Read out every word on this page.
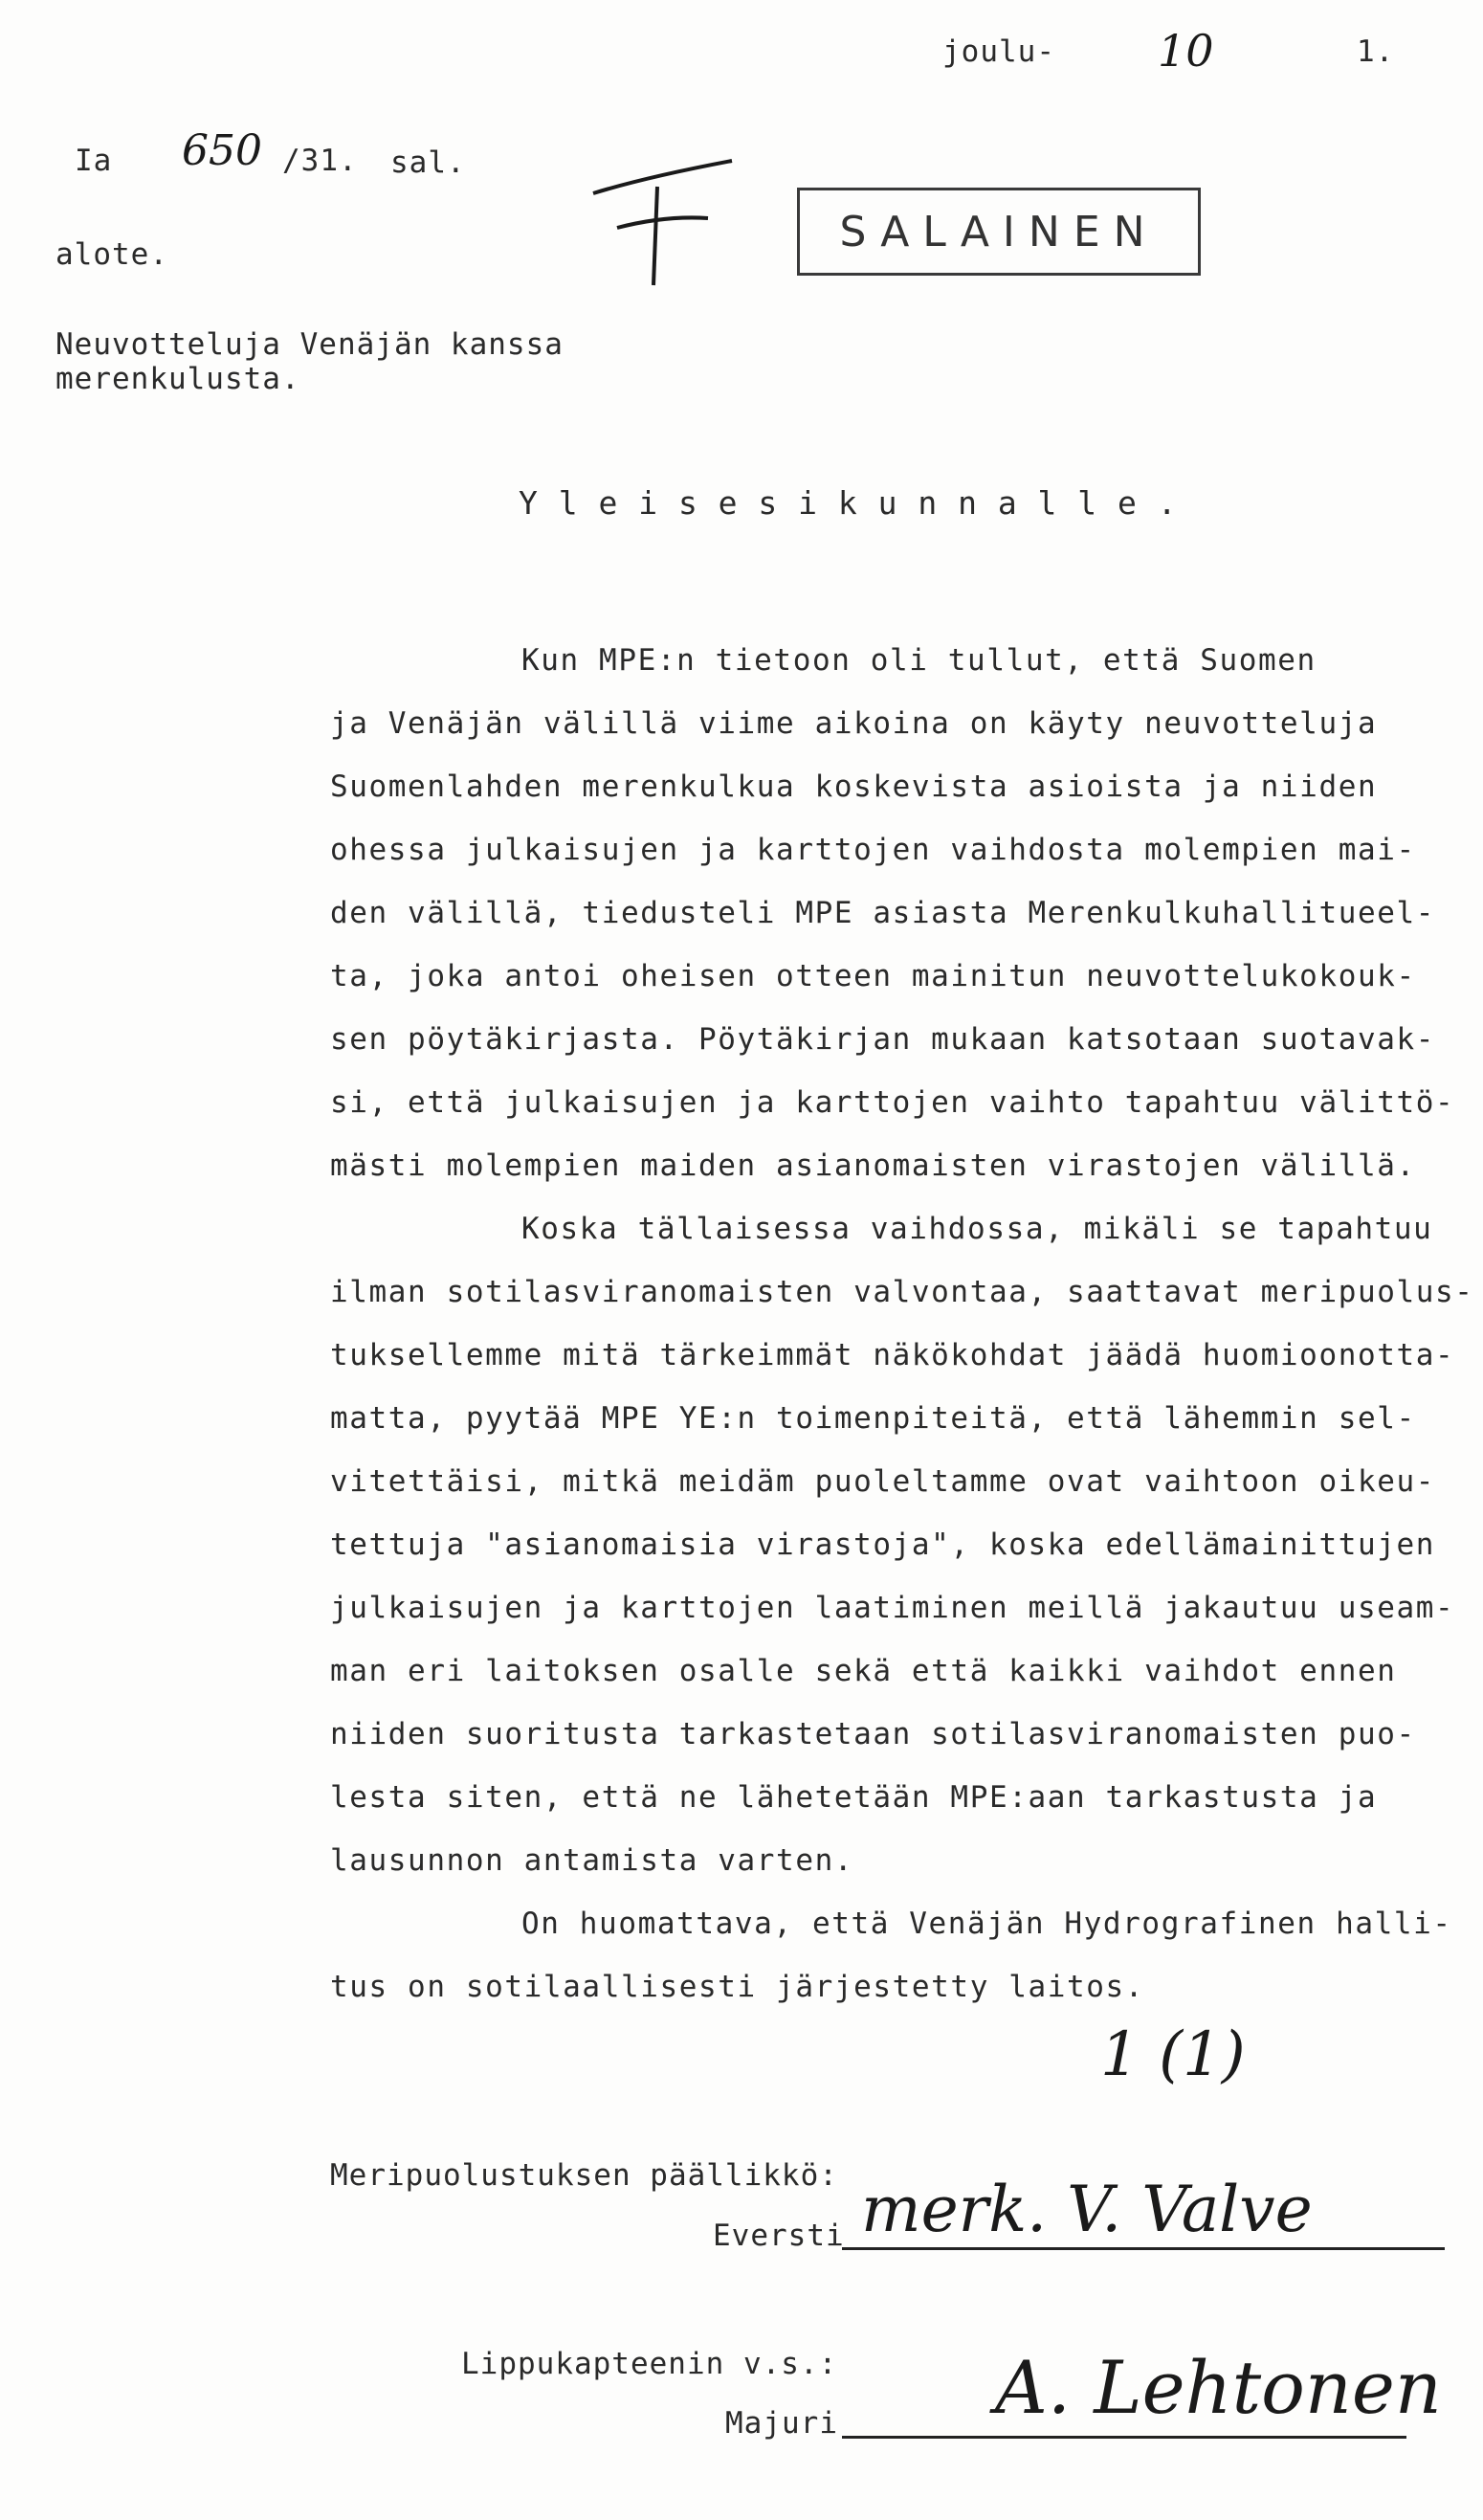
joulu- 10	1.
Ia 650 /31. sal.
alote.	SALAINEN
Neuvotteluja Venäjän kanssa
merenkulusta.
Y l e i s e s i k u n n a l l e .
Kun MPE:n tietoon oli tullut, että Suomen
ja Venäjän välillä viime aikoina on käyty neuvotteluja
Suomenlahden merenkulkua koskevista asioista ja niiden
ohessa julkaisujen ja karttojen vaihdosta molempien mai-
den välillä, tiedusteli MPE asiasta Merenkulkuhallitueel-
ta, joka antoi oheisen otteen mainitun neuvottelukokouk-
sen pöytäkirjasta. Pöytäkirjan mukaan katsotaan suotavak-
si, että julkaisujen ja karttojen vaihto tapahtuu välittö-
mästi molempien maiden asianomaisten virastojen välillä.
Koska tällaisessa vaihdossa, mikäli se tapahtuu
ilman sotilasviranomaisten valvontaa, saattavat meripuolus-
tuksellemme mitä tärkeimmät näkökohdat jäädä huomioonotta-
matta, pyytää MPE YE:n toimenpiteitä, että lähemmin sel-
vitettäisi, mitkä meidäm puoleltamme ovat vaihtoon oikeu-
tettuja "asianomaisia virastoja", koska edellämainittujen
julkaisujen ja karttojen laatiminen meillä jakautuu useam-
man eri laitoksen osalle sekä että kaikki vaihdot ennen
niiden suoritusta tarkastetaan sotilasviranomaisten puo-
lesta siten, että ne lähetetään MPE:aan tarkastusta ja
lausunnon antamista varten.
On huomattava, että Venäjän Hydrografinen halli-
tus on sotilaallisesti järjestetty laitos.
1 (1)
Meripuolustuksen päällikkö:
Eversti merk. V. Valve
Lippukapteenin v.s.:
Majuri A. Lehtonen
